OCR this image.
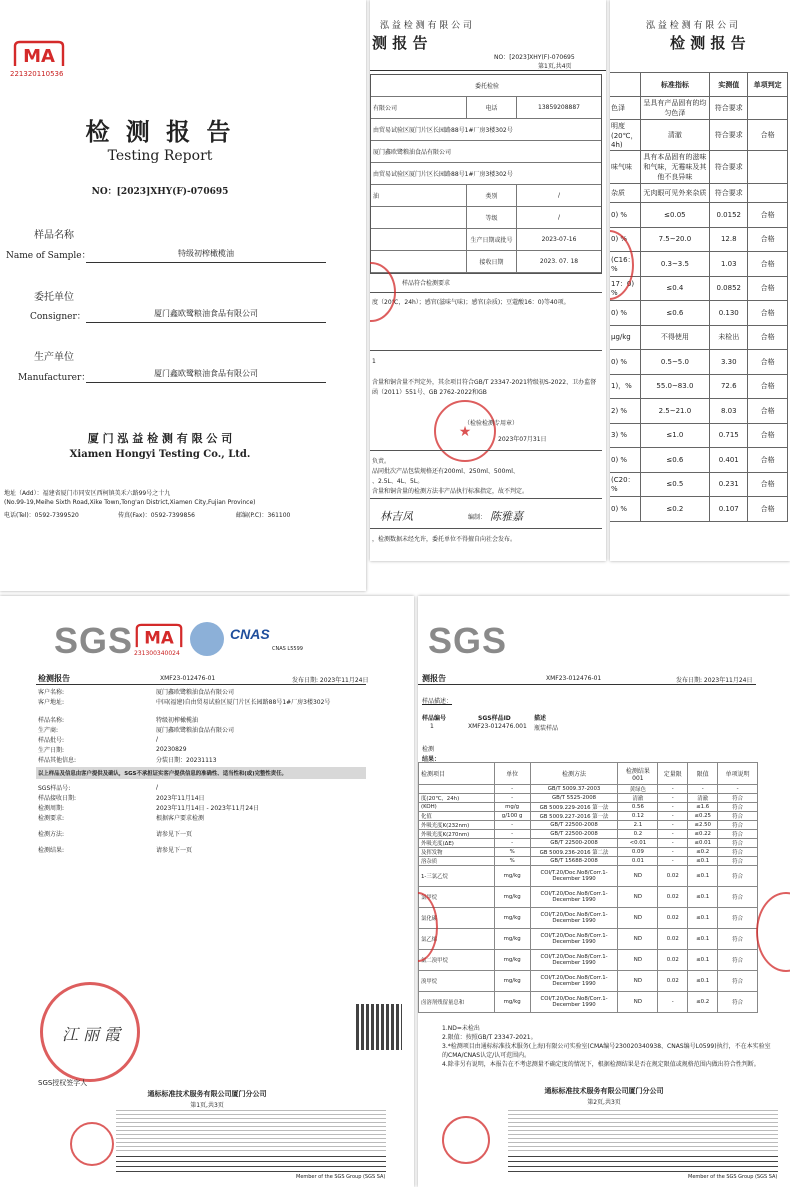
MA
221320110536
检 测 报 告
Testing Report
NO：[2023]XHY(F)-070695
样品名称
Name of Sample：	特级初榨橄榄油
委托单位
Consigner：	厦门鑫欧鹭粮油食品有限公司
生产单位
Manufacturer：	厦门鑫欧鹭粮油食品有限公司
厦 门 泓 益 检 测 有 限 公 司
Xiamen Hongyi Testing Co., Ltd.
地址（Add）：福建省厦门市同安区西柯镇美禾六路99号之十九
(No.99-19,Meihe Sixth Road,Xike Town,Tong'an District,Xiamen City,Fujian Province)
电话(Tel)：0592-7399520	传真(Fax)：0592-7399856	邮编(P.C)：361100
泓 益 检 测 有 限 公 司
测 报 告
NO：[2023]XHY(F)-070695
第1页,共4页
委托检验
有限公司	电话	13859208887
由贸易试验区厦门片区长园路88号1#厂房3楼302号
厦门鑫欧鹭粮油食品有限公司
由贸易试验区厦门片区长园路88号1#厂房3楼302号
油	类别	/
等级	/
生产日期或批号	2023-07-16
接收日期	2023. 07. 18
样品符合检测要求
度（20℃，24h）；感官(滋味气味)；感官(杂质)；豆蔻酸16：0)等40项。
1
含量和铜含量不判定外，其余项目符合GB/T 23347-2021特级初S-2022、卫办监督函（2011）551号、GB 2762-2022和GB
★
（检验检测专用章）
2023年07月31日
负责。
品同批次产品包装规格还有200ml、250ml、500ml、
、2.5L、4L、5L。
含量和铜含量的检测方法非产品执行标准指定，故不判定。
林吉凤	编制： 陈雅嘉
，检测数据未经允许，委托单位不得擅自向社会发布。
泓 益 检 测 有 限 公 司
检 测 报 告
	标准指标	实测值	单项判定
色泽	呈具有产品固有的均匀色泽	符合要求	
明度(20℃，4h)	清澈	符合要求	合格
味气味	具有本品固有的滋味和气味，无霉味及其他不良异味	符合要求	
杂质	无肉眼可见外来杂质	符合要求	
0) %	≤0.05	0.0152	合格
0) %	7.5~20.0	12.8	合格
(C16：%	0.3~3.5	1.03	合格
17：0) %	≤0.4	0.0852	合格
0) %	≤0.6	0.130	合格
μg/kg	不得使用	未检出	合格
0) %	0.5~5.0	3.30	合格
1)，%	55.0~83.0	72.6	合格
2) %	2.5~21.0	8.03	合格
3) %	≤1.0	0.715	合格
0) %	≤0.6	0.401	合格
(C20：%	≤0.5	0.231	合格
0) %	≤0.2	0.107	合格
SGS MA
231300340024
CNAS
CNAS L5599
检测报告	XMF23-012476-01	发布日期: 2023年11月24日
客户名称:	厦门鑫欧鹭粮油食品有限公司
客户地址:	中国(福建)自由贸易试验区厦门片区长园路88号1#厂房3楼302号
样品名称:	特级初榨橄榄油
生产商:	厦门鑫欧鹭粮油食品有限公司
样品批号:	/
生产日期:	20230829
样品其他信息:	分装日期：20231113
以上样品及信息由客户提供及确认，SGS不承担证实客户提供信息的准确性、适当性和(或)完整性责任。
SGS样品号:	/
样品接收日期:	2023年11月14日
检测周期:	2023年11月14日 - 2023年11月24日
检测要求:	根据客户要求检测
检测方法:	请参见下一页
检测结果:	请参见下一页
江 丽 霞
SGS授权签字人
通标标准技术服务有限公司厦门分公司
第1页,共3页
Member of the SGS Group (SGS SA)
SGS
测报告	XMF23-012476-01	发布日期: 2023年11月24日
样品描述：
样品编号	SGS样品ID	描述
1	XMF23-012476.001 瓶装样品
检测
结果：
检测项目	单位	检测方法	检测结果 001	定量限	限值	单项说明
	-	GB/T 5009.37-2003	黄绿色	-	-	-
度(20℃，24h)	-	GB/T 5525-2008	清澈	-	清澈	符合
(KOH)	mg/g	GB 5009.229-2016 第一法	0.56	-	≤1.6	符合
化值	g/100 g	GB 5009.227-2016 第一法	0.12	-	≤0.25	符合
外吸光度K(232nm)	-	GB/T 22500-2008	2.1	-	≤2.50	符合
外吸光度K(270nm)	-	GB/T 22500-2008	0.2	-	≤0.22	符合
外吸光度(ΔE)	-	GB/T 22500-2008	<0.01	-	≤0.01	符合
及挥发物	%	GB 5009.236-2016 第二法	0.09	-	≤0.2	符合
溶杂质	%	GB/T 15688-2008	0.01	-	≤0.1	符合
1-三氯乙烷	mg/kg	COI/T.20/Doc.No8/Corr.1-December 1990	ND	0.02	≤0.1	符合
氯甲烷	mg/kg	COI/T.20/Doc.No8/Corr.1-December 1990	ND	0.02	≤0.1	符合
氯化碳	mg/kg	COI/T.20/Doc.No8/Corr.1-December 1990	ND	0.02	≤0.1	符合
氯乙烯	mg/kg	COI/T.20/Doc.No8/Corr.1-December 1990	ND	0.02	≤0.1	符合
氯二溴甲烷	mg/kg	COI/T.20/Doc.No8/Corr.1-December 1990	ND	0.02	≤0.1	符合
溴甲烷	mg/kg	COI/T.20/Doc.No8/Corr.1-December 1990	ND	0.02	≤0.1	符合
卤溶剂残留量总和	mg/kg	COI/T.20/Doc.No8/Corr.1-December 1990	ND	-	≤0.2	符合
1.ND=未检出
2.限值：按照GB/T 23347-2021。
3.*检测项目由通标标准技术服务(上海)有限公司实验室(CMA编号230020340938、CNAS编号L0599)执行，不在本实验室的CMA/CNAS认定/认可范围内。
4.除非另有说明，本报告在不考虑测量不确定度的情况下，根据检测结果是否在规定限值或规格范围内做出符合性判断。
通标标准技术服务有限公司厦门分公司
第2页,共3页
Member of the SGS Group (SGS SA)
